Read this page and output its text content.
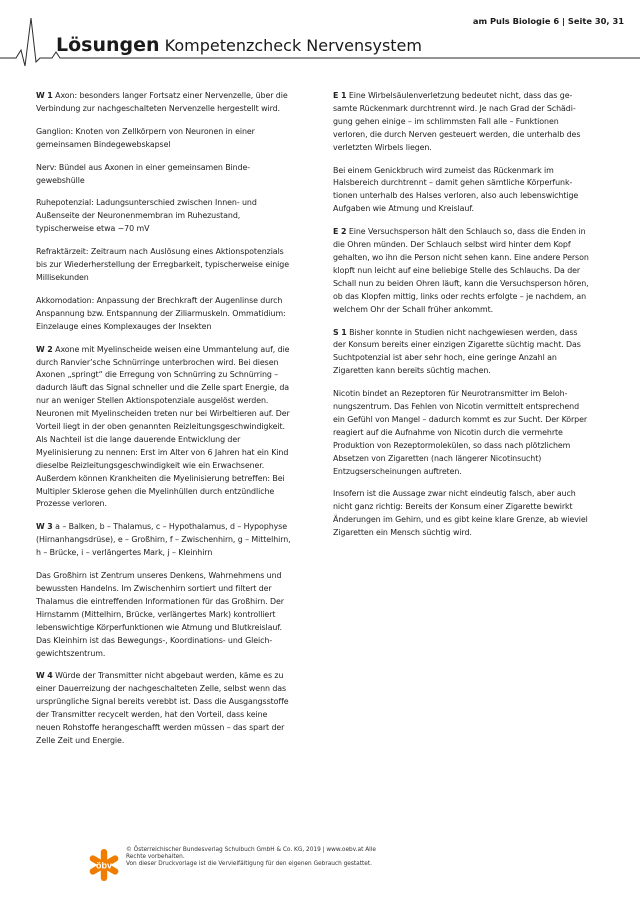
am Puls Biologie 6 | Seite 30, 31
Lösungen Kompetenzcheck Nervensystem

W 1 Axon: besonders langer Fortsatz einer Nervenzelle, über die Verbindung zur nachgeschalteten Nervenzelle hergestellt wird.

Ganglion: Knoten von Zellkörpern von Neuronen in einer gemeinsamen Bindegewebskapsel

Nerv: Bündel aus Axonen in einer gemeinsamen Bindegewebshülle

Ruhepotenzial: Ladungsunterschied zwischen Innen- und Außenseite der Neuronenmembran im Ruhezustand, typischerweise etwa −70 mV

Refraktärzeit: Zeitraum nach Auslösung eines Aktionspotenzials bis zur Wiederherstellung der Erregbarkeit, typischerweise einige Millisekunden

Akkomodation: Anpassung der Brechkraft der Augenlinse durch Anspannung bzw. Entspannung der Ziliarmuskeln. Ommatidium: Einzelauge eines Komplexauges der Insekten

W 2 Axone mit Myelinscheide weisen eine Ummantelung auf, die durch Ranvier’sche Schnürringe unterbrochen wird. Bei diesen Axonen „springt“ die Erregung von Schnürring zu Schnürring – dadurch läuft das Signal schneller und die Zelle spart Energie, da nur an weniger Stellen Aktionspotenziale ausgelöst werden. Neuronen mit Myelinscheiden treten nur bei Wirbeltieren auf. Der Vorteil liegt in der oben genannten Reizleitungsgeschwindigkeit. Als Nachteil ist die lange dauerende Entwicklung der Myelinisierung zu nennen: Erst im Alter von 6 Jahren hat ein Kind dieselbe Reizleitungsgeschwindigkeit wie ein Erwachsener. Außerdem können Krankheiten die Myelinisierung betreffen: Bei Multipler Sklerose gehen die Myelinhüllen durch entzündliche Prozesse verloren.

W 3 a – Balken, b – Thalamus, c – Hypothalamus, d – Hypophyse (Hirnanhangsdrüse), e – Großhirn, f – Zwischenhirn, g – Mittelhirn, h – Brücke, i – verlängertes Mark, j – Kleinhirn

Das Großhirn ist Zentrum unseres Denkens, Wahrnehmens und bewussten Handelns. Im Zwischenhirn sortiert und filtert der Thalamus die eintreffenden Informationen für das Großhirn. Der Hirnstamm (Mittelhirn, Brücke, verlängertes Mark) kontrolliert lebenswichtige Körperfunktionen wie Atmung und Blutkreislauf. Das Kleinhirn ist das Bewegungs-, Koordinations- und Gleichgewichtszentrum.

W 4 Würde der Transmitter nicht abgebaut werden, käme es zu einer Dauerreizung der nachgeschalteten Zelle, selbst wenn das ursprüngliche Signal bereits verebbt ist. Dass die Ausgangsstoffe der Transmitter recycelt werden, hat den Vorteil, dass keine neuen Rohstoffe herangeschafft werden müssen – das spart der Zelle Zeit und Energie.

E 1 Eine Wirbelsäulenverletzung bedeutet nicht, dass das gesamte Rückenmark durchtrennt wird. Je nach Grad der Schädigung gehen einige – im schlimmsten Fall alle – Funktionen verloren, die durch Nerven gesteuert werden, die unterhalb des verletzten Wirbels liegen.

Bei einem Genickbruch wird zumeist das Rückenmark im Halsbereich durchtrennt – damit gehen sämtliche Körperfunktionen unterhalb des Halses verloren, also auch lebenswichtige Aufgaben wie Atmung und Kreislauf.

E 2 Eine Versuchsperson hält den Schlauch so, dass die Enden in die Ohren münden. Der Schlauch selbst wird hinter dem Kopf gehalten, wo ihn die Person nicht sehen kann. Eine andere Person klopft nun leicht auf eine beliebige Stelle des Schlauchs. Da der Schall nun zu beiden Ohren läuft, kann die Versuchsperson hören, ob das Klopfen mittig, links oder rechts erfolgte – je nachdem, an welchem Ohr der Schall früher ankommt.

S 1 Bisher konnte in Studien nicht nachgewiesen werden, dass der Konsum bereits einer einzigen Zigarette süchtig macht. Das Suchtpotenzial ist aber sehr hoch, eine geringe Anzahl an Zigaretten kann bereits süchtig machen.

Nicotin bindet an Rezeptoren für Neurotransmitter im Belohnungszentrum. Das Fehlen von Nicotin vermittelt entsprechend ein Gefühl von Mangel – dadurch kommt es zur Sucht. Der Körper reagiert auf die Aufnahme von Nicotin durch die vermehrte Produktion von Rezeptormolekülen, so dass nach plötzlichem Absetzen von Zigaretten (nach längerer Nicotinsucht) Entzugserscheinungen auftreten.

Insofern ist die Aussage zwar nicht eindeutig falsch, aber auch nicht ganz richtig: Bereits der Konsum einer Zigarette bewirkt Änderungen im Gehirn, und es gibt keine klare Grenze, ab wieviel Zigaretten ein Mensch süchtig wird.

öbv
© Österreichischer Bundesverlag Schulbuch GmbH & Co. KG, 2019 | www.oebv.at Alle
Rechte vorbehalten.
Von dieser Druckvorlage ist die Vervielfältigung für den eigenen Gebrauch gestattet.
